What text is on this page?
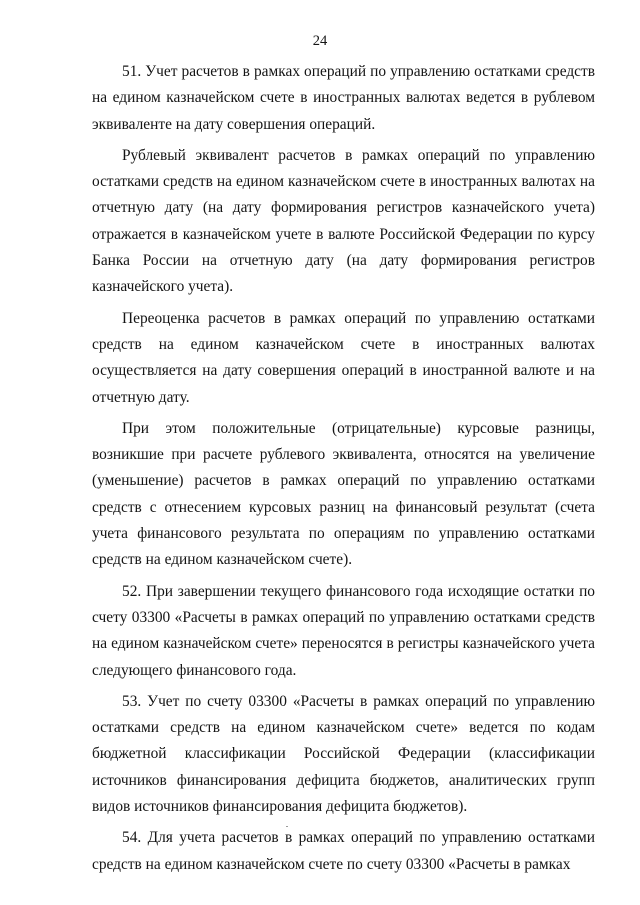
24

51. Учет расчетов в рамках операций по управлению остатками средств на едином казначейском счете в иностранных валютах ведется в рублевом эквиваленте на дату совершения операций.

Рублевый эквивалент расчетов в рамках операций по управлению остатками средств на едином казначейском счете в иностранных валютах на отчетную дату (на дату формирования регистров казначейского учета) отражается в казначейском учете в валюте Российской Федерации по курсу Банка России на отчетную дату (на дату формирования регистров казначейского учета).

Переоценка расчетов в рамках операций по управлению остатками средств на едином казначейском счете в иностранных валютах осуществляется на дату совершения операций в иностранной валюте и на отчетную дату.

При этом положительные (отрицательные) курсовые разницы, возникшие при расчете рублевого эквивалента, относятся на увеличение (уменьшение) расчетов в рамках операций по управлению остатками средств с отнесением курсовых разниц на финансовый результат (счета учета финансового результата по операциям по управлению остатками средств на едином казначейском счете).

52. При завершении текущего финансового года исходящие остатки по счету 03300 «Расчеты в рамках операций по управлению остатками средств на едином казначейском счете» переносятся в регистры казначейского учета следующего финансового года.

53. Учет по счету 03300 «Расчеты в рамках операций по управлению остатками средств на едином казначейском счете» ведется по кодам бюджетной классификации Российской Федерации (классификации источников финансирования дефицита бюджетов, аналитических групп видов источников финансирования дефицита бюджетов).

54. Для учета расчетов в рамках операций по управлению остатками средств на едином казначейском счете по счету 03300 «Расчеты в рамках
